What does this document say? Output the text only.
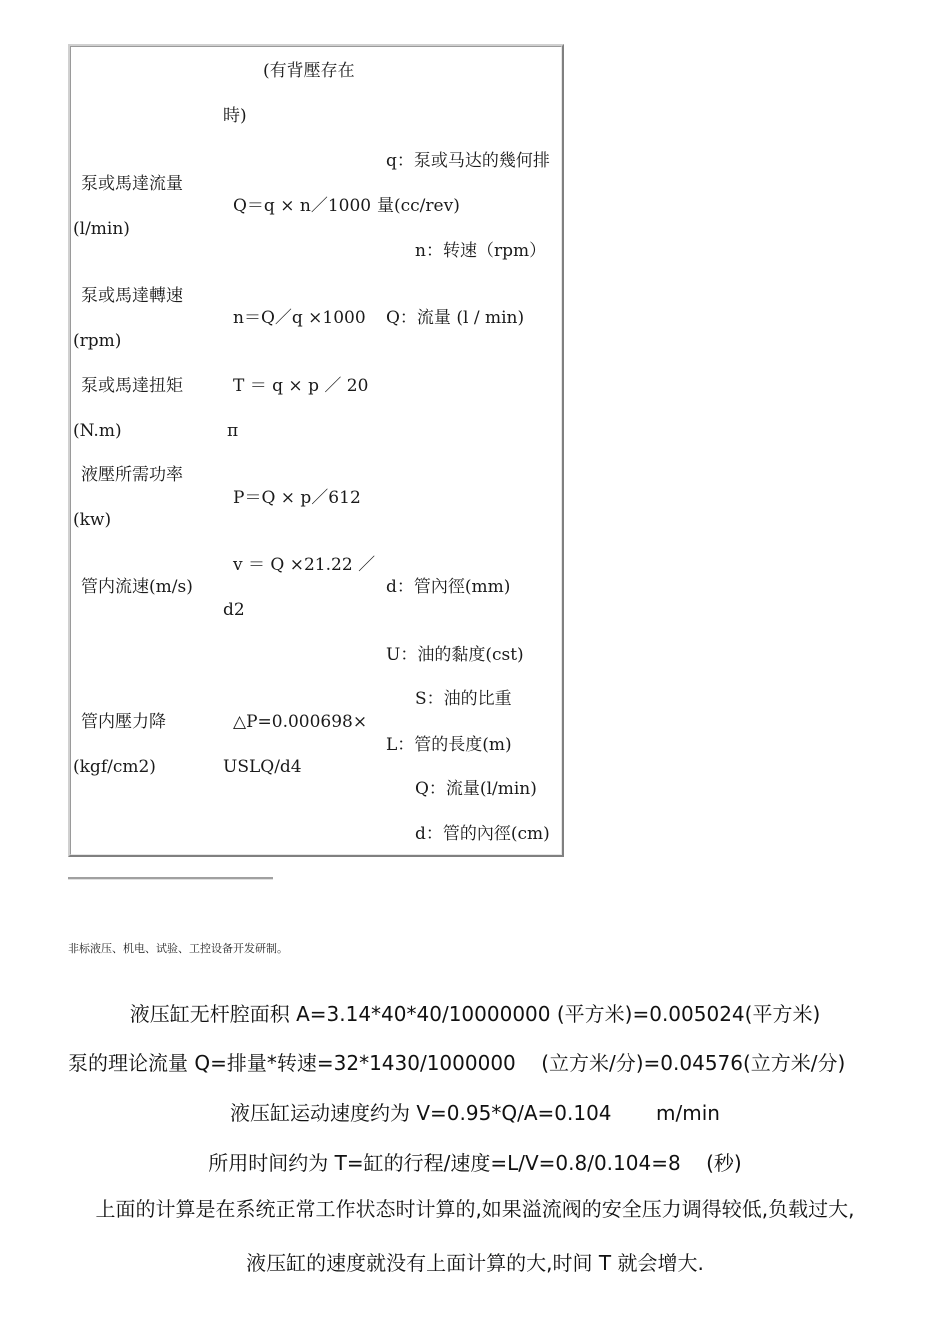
(有背壓存在
時)
泵或馬達流量
(l/min)
Q＝q × n／1000
q：泵或马达的幾何排
量(cc/rev)
n：转速（rpm）
泵或馬達轉速
(rpm)
n＝Q／q ×1000 Q：流量 (l / min)
泵或馬達扭矩
(N.m)
T ＝ q × p ／ 20
π
液壓所需功率
(kw)
P＝Q × p／612
管内流速(m/s)
v ＝ Q ×21.22 ／
d2
d：管內徑(mm)
管内壓力降
(kgf/cm2)
△P=0.000698×
USLQ/d4
U：油的黏度(cst)
S：油的比重
L：管的長度(m)
Q：流量(l/min)
d：管的內徑(cm)
非标液压、机电、试验、工控设备开发研制。
液压缸无杆腔面积 A=3.14*40*40/10000000 (平方米)=0.005024(平方米)
泵的理论流量 Q=排量*转速=32*1430/1000000    (立方米/分)=0.04576(立方米/分)
液压缸运动速度约为 V=0.95*Q/A=0.104       m/min
所用时间约为 T=缸的行程/速度=L/V=0.8/0.104=8    (秒)
上面的计算是在系统正常工作状态时计算的,如果溢流阀的安全压力调得较低,负载过大,
液压缸的速度就没有上面计算的大,时间 T 就会增大.
